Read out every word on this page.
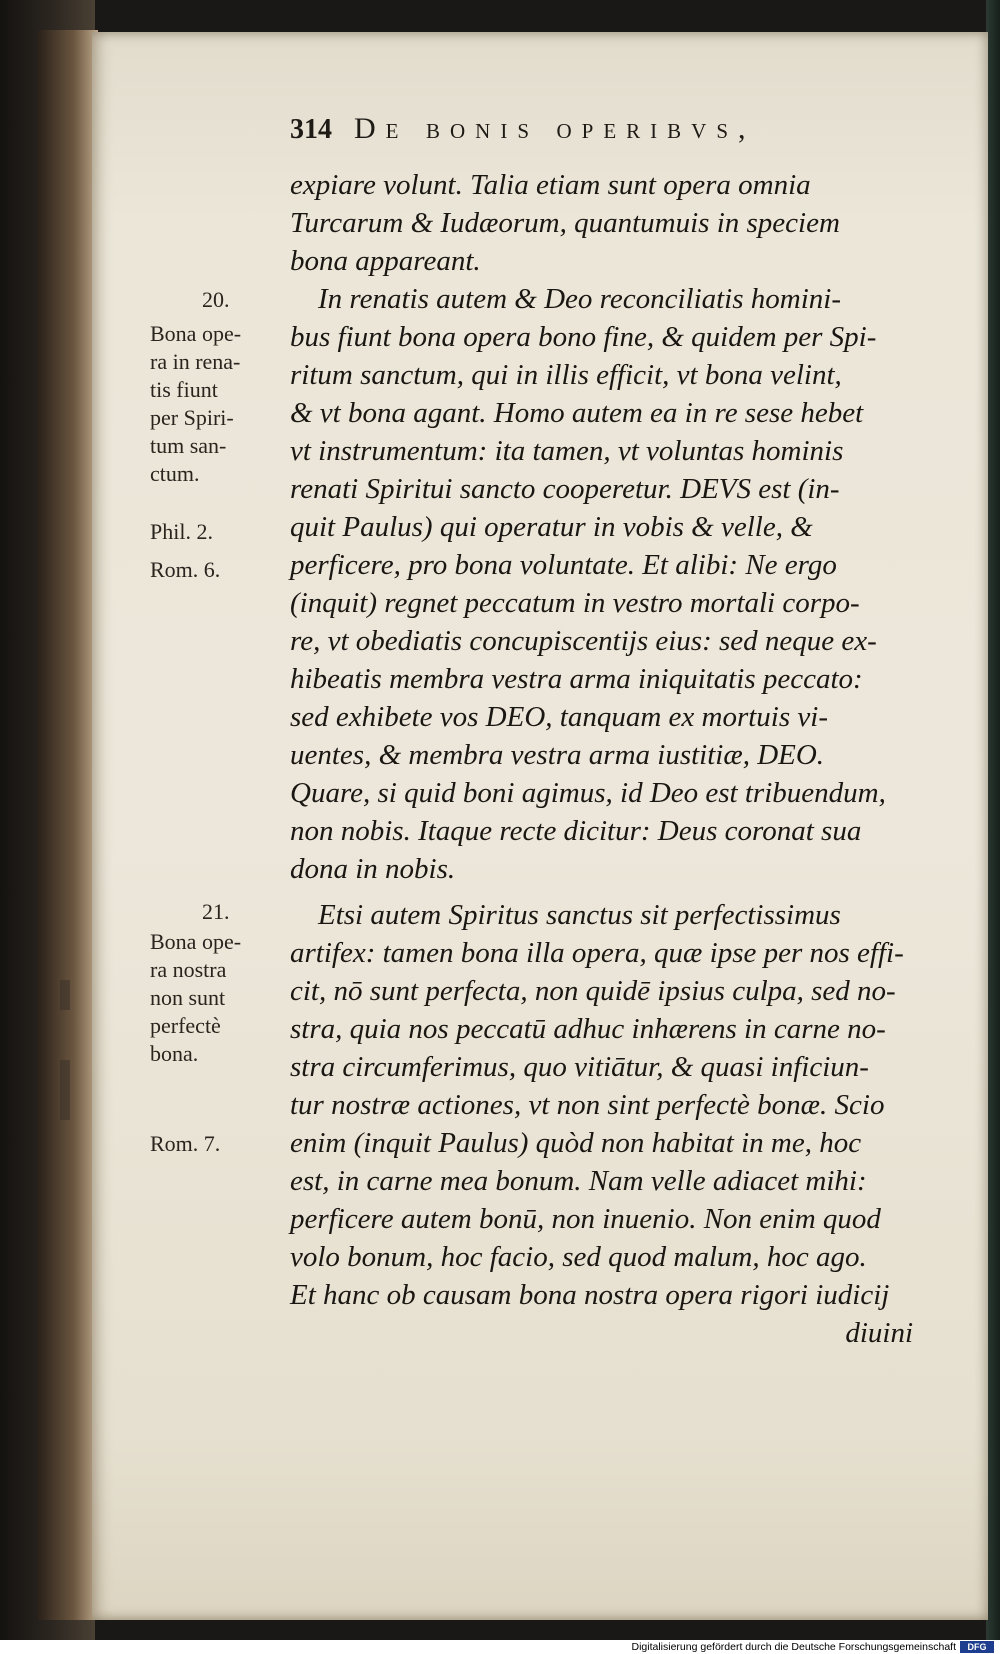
314 De bonis operibvs,
expiare volunt. Talia etiam sunt opera omnia
Turcarum & Iudæorum, quantumuis in speciem
bona appareant.
In renatis autem & Deo reconciliatis homini-
bus fiunt bona opera bono fine, & quidem per Spi-
ritum sanctum, qui in illis efficit, vt bona velint,
& vt bona agant. Homo autem ea in re sese hebet
vt instrumentum: ita tamen, vt voluntas hominis
renati Spiritui sancto cooperetur. DEVS est (in-
quit Paulus) qui operatur in vobis & velle, &
perficere, pro bona voluntate. Et alibi: Ne ergo
(inquit) regnet peccatum in vestro mortali corpo-
re, vt obediatis concupiscentijs eius: sed neque ex-
hibeatis membra vestra arma iniquitatis peccato:
sed exhibete vos DEO, tanquam ex mortuis vi-
uentes, & membra vestra arma iustitiæ, DEO.
Quare, si quid boni agimus, id Deo est tribuendum,
non nobis. Itaque recte dicitur: Deus coronat sua
dona in nobis.
Etsi autem Spiritus sanctus sit perfectissimus
artifex: tamen bona illa opera, quæ ipse per nos effi-
cit, nō sunt perfecta, non quidē ipsius culpa, sed no-
stra, quia nos peccatū adhuc inhærens in carne no-
stra circumferimus, quo vitiātur, & quasi inficiun-
tur nostræ actiones, vt non sint perfectè bonæ. Scio
enim (inquit Paulus) quòd non habitat in me, hoc
est, in carne mea bonum. Nam velle adiacet mihi:
perficere autem bonū, non inuenio. Non enim quod
volo bonum, hoc facio, sed quod malum, hoc ago.
Et hanc ob causam bona nostra opera rigori iudicij
diuini
20.
Bona ope-
ra in rena-
tis fiunt
per Spiri-
tum san-
ctum.
Phil. 2.
Rom. 6.
21.
Bona ope-
ra nostra
non sunt
perfectè
bona.
Rom. 7.
Digitalisierung gefördert durch die Deutsche Forschungsgemeinschaft	DFG
